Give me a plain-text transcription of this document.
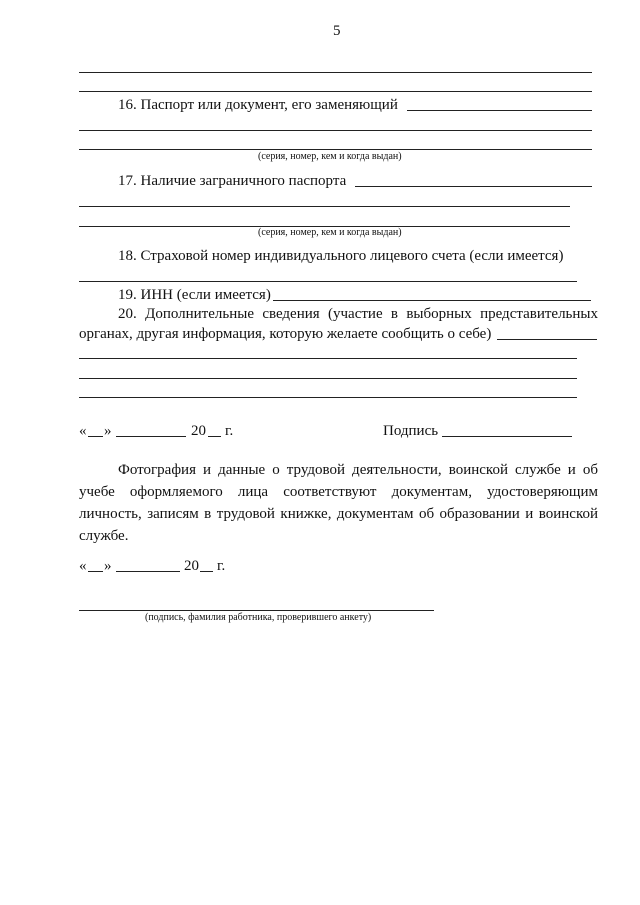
5
16. Паспорт или документ, его заменяющий
(серия, номер, кем и когда выдан)
17. Наличие заграничного паспорта
(серия, номер, кем и когда выдан)
18. Страховой номер индивидуального лицевого счета (если имеется)
19. ИНН (если имеется)
20. Дополнительные сведения (участие в выборных представительных
органах, другая информация, которую желаете сообщить о себе)
« »	20 г.	Подпись
Фотография и данные о трудовой деятельности, воинской службе и об учебе оформляемого лица соответствуют документам, удостоверяющим личность, записям в трудовой книжке, документам об образовании и воинской службе.
« »	20 г.
(подпись, фамилия работника, проверившего анкету)
